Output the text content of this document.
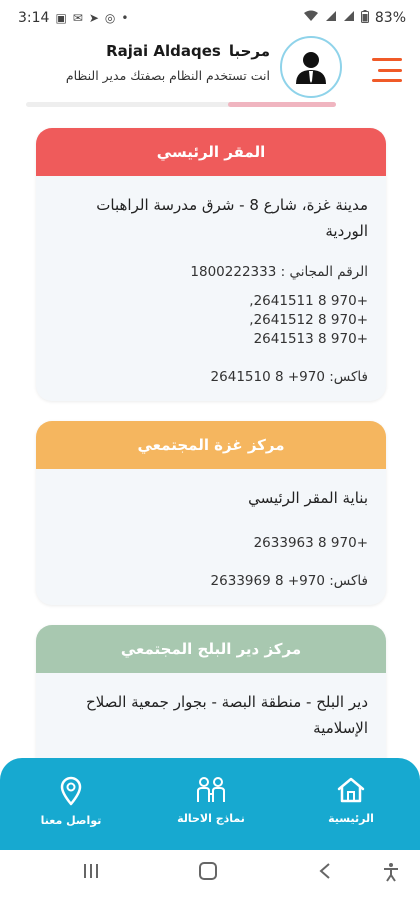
3:14 ▣ ✉ ➤ ◎ •	83%
مرحبا
Rajai Aldaqes
انت تستخدم النظام بصفتك مدير النظام
المقر الرئيسي
مدينة غزة، شارع 8 - شرق مدرسة الراهبات الوردية
الرقم المجاني : 1800222333
+970 8 2641511,
+970 8 2641512,
+970 8 2641513
فاكس: 970+ 8 2641510
مركز غزة المجتمعي
بناية المقر الرئيسي
+970 8 2633963
فاكس: 970+ 8 2633969
مركز دير البلح المجتمعي
دير البلح - منطقة البصة - بجوار جمعية الصلاح الإسلامية
الرئيسية
نماذج الاحالة
تواصل معنا
